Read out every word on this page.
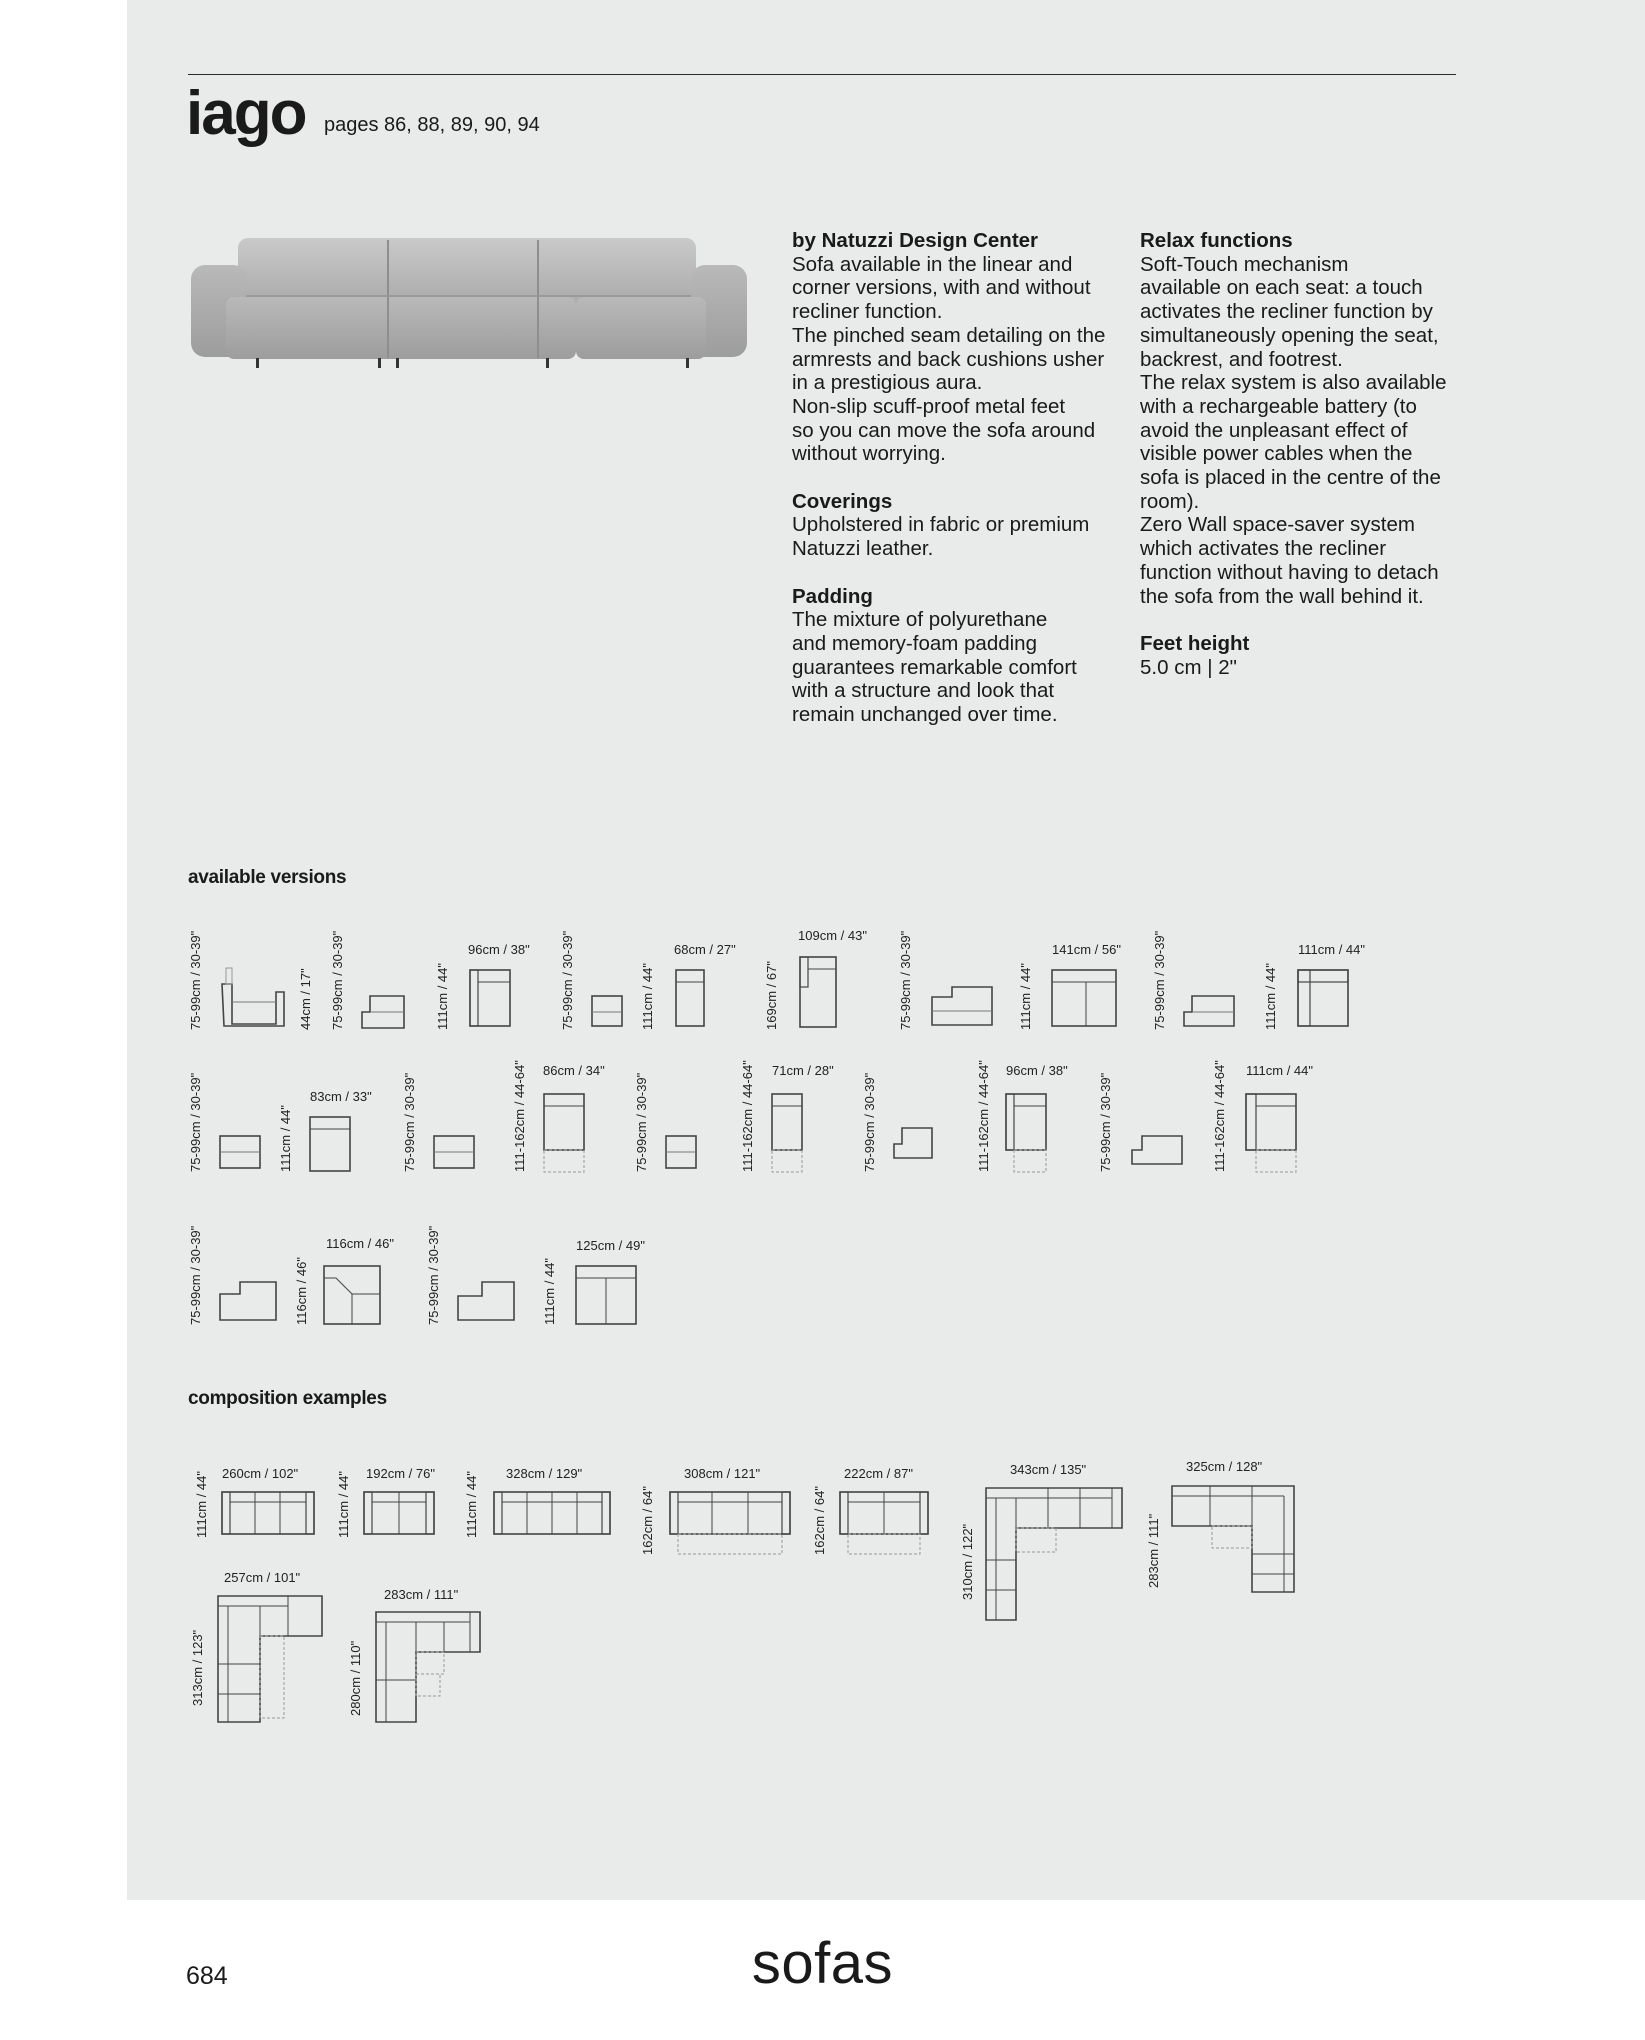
iago pages 86, 88, 89, 90, 94

by Natuzzi Design Center

Sofa available in the linear and

corner versions, with and without

recliner function.

The pinched seam detailing on the

armrests and back cushions usher

in a prestigious aura.

Non-slip scuff-proof metal feet

so you can move the sofa around

without worrying.

Coverings

Upholstered in fabric or premium

Natuzzi leather.

Padding

The mixture of polyurethane

and memory-foam padding

guarantees remarkable comfort

with a structure and look that

remain unchanged over time.

Relax functions

Soft-Touch mechanism

available on each seat: a touch

activates the recliner function by

simultaneously opening the seat,

backrest, and footrest.

The relax system is also available

with a rechargeable battery (to

avoid the unpleasant effect of

visible power cables when the

sofa is placed in the centre of the

room).

Zero Wall space-saver system

which activates the recliner

function without having to detach

the sofa from the wall behind it.

Feet height

5.0 cm | 2"

available versions
composition examples
75-99cm / 30-39"	44cm / 17" 75-99cm / 30-39"	111cm / 44"
96cm / 38" 75-99cm / 30-39"	111cm / 44"
68cm / 27"
169cm / 67"
109cm / 43" 75-99cm / 30-39"	111cm / 44"
141cm / 56" 75-99cm / 30-39"	111cm / 44"
111cm / 44"
75-99cm / 30-39"	111cm / 44"
83cm / 33" 75-99cm / 30-39"	111-162cm / 44-64" 86cm / 34"
75-99cm / 30-39"	111-162cm / 44-64" 71cm / 28"
75-99cm / 30-39"	111-162cm / 44-64" 96cm / 38"
75-99cm / 30-39"	111-162cm / 44-64" 111cm / 44"
75-99cm / 30-39"	116cm / 46"
116cm / 46" 75-99cm / 30-39"	111cm / 44"
125cm / 49"
111cm / 44" 260cm / 102"	111cm / 44" 192cm / 76" 111cm / 44" 328cm / 129"
162cm / 64"
308cm / 121"
162cm / 64"
222cm / 87"
310cm / 122"
343cm / 135"
283cm / 111"
325cm / 128"
313cm / 123"
257cm / 101"
280cm / 110"
283cm / 111"
684	sofas
